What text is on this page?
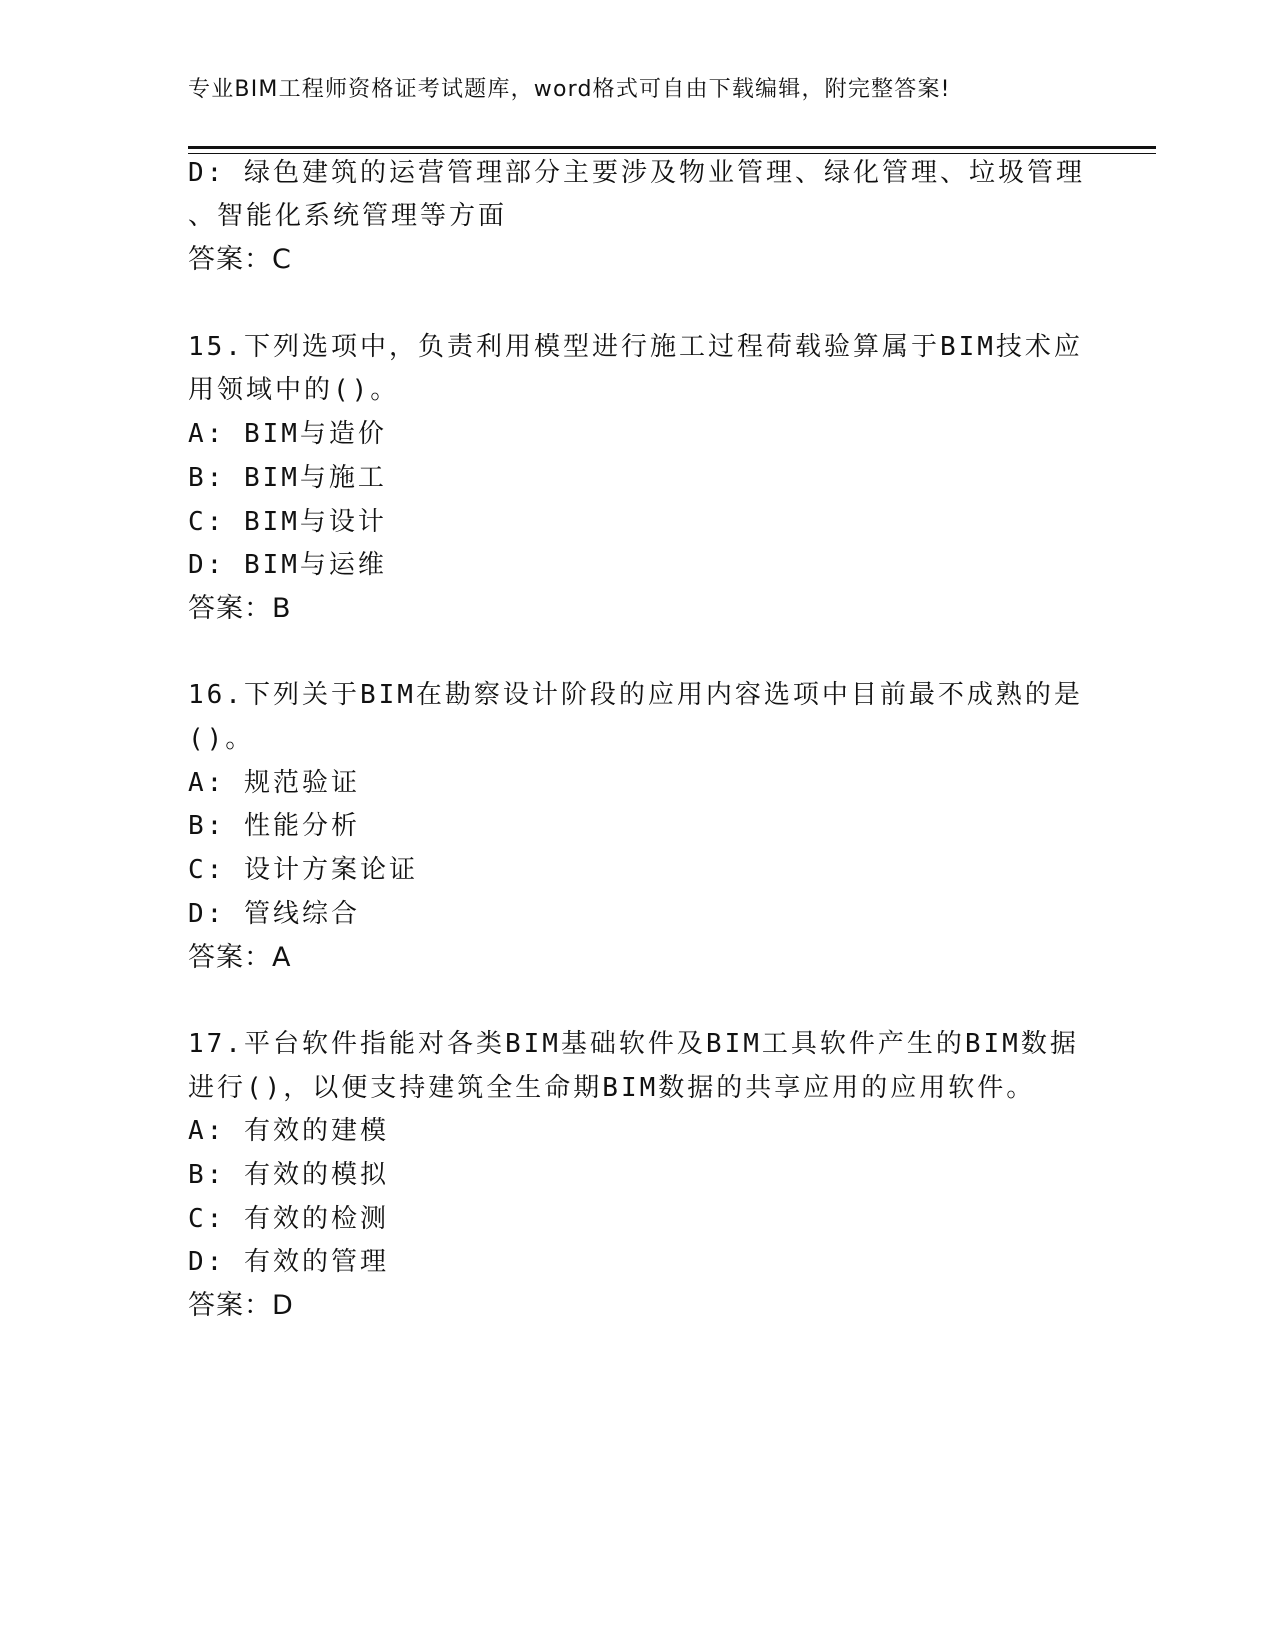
专业BIM工程师资格证考试题库，word格式可自由下载编辑，附完整答案!
D: 绿色建筑的运营管理部分主要涉及物业管理、绿化管理、垃圾管理
、智能化系统管理等方面
答案：C
15.下列选项中，负责利用模型进行施工过程荷载验算属于BIM技术应
用领域中的()。
A: BIM与造价
B: BIM与施工
C: BIM与设计
D: BIM与运维
答案：B
16.下列关于BIM在勘察设计阶段的应用内容选项中目前最不成熟的是
()。
A: 规范验证
B: 性能分析
C: 设计方案论证
D: 管线综合
答案：A
17.平台软件指能对各类BIM基础软件及BIM工具软件产生的BIM数据
进行()，以便支持建筑全生命期BIM数据的共享应用的应用软件。
A: 有效的建模
B: 有效的模拟
C: 有效的检测
D: 有效的管理
答案：D
